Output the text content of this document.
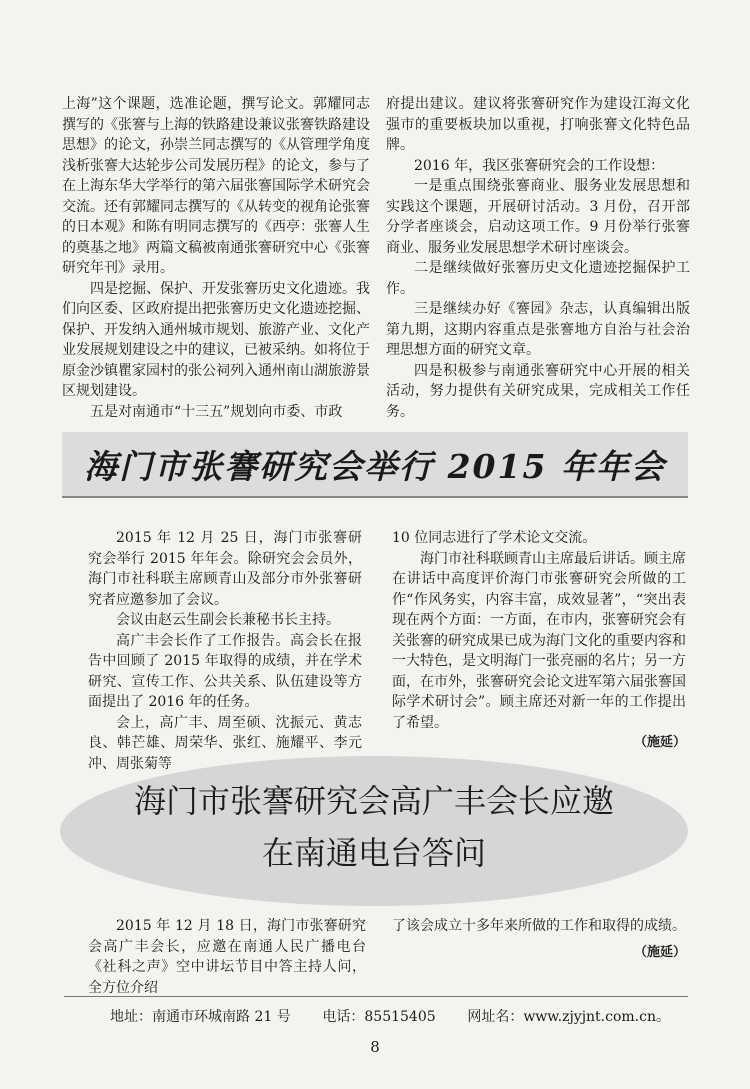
上海”这个课题，选准论题，撰写论文。郭耀同志撰写的《张謇与上海的铁路建设兼议张謇铁路建设思想》的论文，孙崇兰同志撰写的《从管理学角度浅析张謇大达轮步公司发展历程》的论文，参与了在上海东华大学举行的第六届张謇国际学术研究会交流。还有郭耀同志撰写的《从转变的视角论张謇的日本观》和陈有明同志撰写的《西亭：张謇人生的奠基之地》两篇文稿被南通张謇研究中心《张謇研究年刊》录用。

四是挖掘、保护、开发张謇历史文化遗迹。我们向区委、区政府提出把张謇历史文化遗迹挖掘、保护、开发纳入通州城市规划、旅游产业、文化产业发展规划建设之中的建议，已被采纳。如将位于原金沙镇瞿家园村的张公祠列入通州南山湖旅游景区规划建设。

五是对南通市“十三五”规划向市委、市政

府提出建议。建议将张謇研究作为建设江海文化强市的重要板块加以重视，打响张謇文化特色品牌。

2016 年，我区张謇研究会的工作设想：

一是重点围绕张謇商业、服务业发展思想和实践这个课题，开展研讨活动。3 月份，召开部分学者座谈会，启动这项工作。9 月份举行张謇商业、服务业发展思想学术研讨座谈会。

二是继续做好张謇历史文化遗迹挖掘保护工作。

三是继续办好《謇园》杂志，认真编辑出版第九期，这期内容重点是张謇地方自治与社会治理思想方面的研究文章。

四是积极参与南通张謇研究中心开展的相关活动，努力提供有关研究成果，完成相关工作任务。

海门市张謇研究会举行 2015 年年会

2015 年 12 月 25 日，海门市张謇研究会举行 2015 年年会。除研究会会员外，海门市社科联主席顾青山及部分市外张謇研究者应邀参加了会议。

会议由赵云生副会长兼秘书长主持。

高广丰会长作了工作报告。高会长在报告中回顾了 2015 年取得的成绩，并在学术研究、宣传工作、公共关系、队伍建设等方面提出了 2016 年的任务。

会上，高广丰、周至硕、沈振元、黄志良、韩芒雄、周荣华、张红、施耀平、李元冲、周张菊等

10 位同志进行了学术论文交流。

海门市社科联顾青山主席最后讲话。顾主席在讲话中高度评价海门市张謇研究会所做的工作“作风务实，内容丰富，成效显著”，“突出表现在两个方面：一方面，在市内，张謇研究会有关张謇的研究成果已成为海门文化的重要内容和一大特色，是文明海门一张亮丽的名片；另一方面，在市外，张謇研究会论文进军第六届张謇国际学术研讨会”。顾主席还对新一年的工作提出了希望。

（施延）
海门市张謇研究会高广丰会长应邀
在南通电台答问

2015 年 12 月 18 日，海门市张謇研究会高广丰会长，应邀在南通人民广播电台《社科之声》空中讲坛节目中答主持人问，全方位介绍

了该会成立十多年来所做的工作和取得的成绩。

（施延）
地址：南通市环城南路 21 号 电话：85515405 网址名：www.zjyjnt.com.cn。
8
